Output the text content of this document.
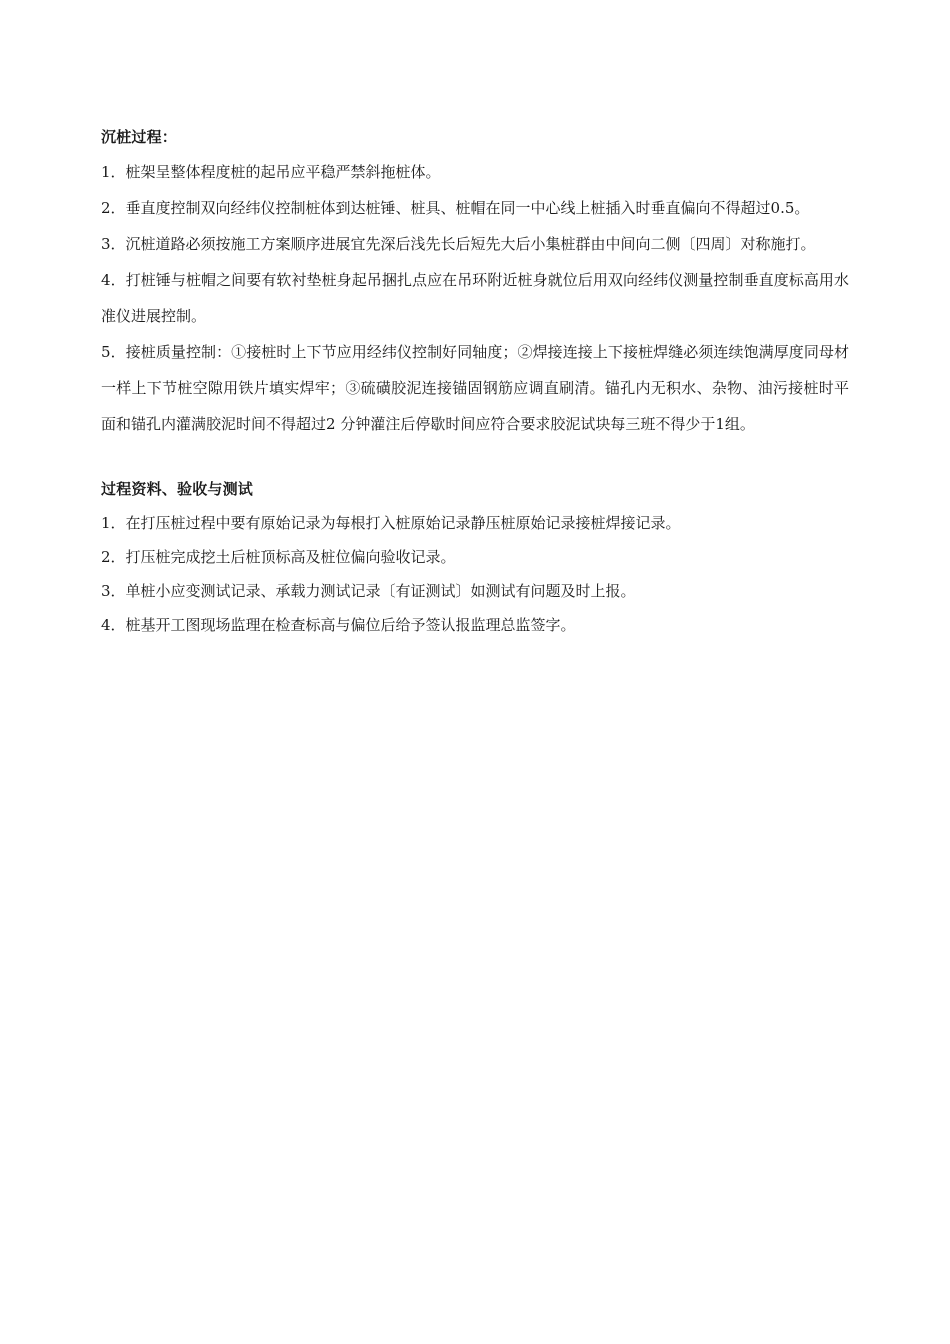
沉桩过程：

1．桩架呈整体程度桩的起吊应平稳严禁斜拖桩体。

2．垂直度控制双向经纬仪控制桩体到达桩锤、桩具、桩帽在同一中心线上桩插入时垂直偏向不得超过0.5。

3．沉桩道路必须按施工方案顺序进展宜先深后浅先长后短先大后小集桩群由中间向二侧〔四周〕对称施打。

4．打桩锤与桩帽之间要有软衬垫桩身起吊捆扎点应在吊环附近桩身就位后用双向经纬仪测量控制垂直度标高用水准仪进展控制。

5．接桩质量控制：①接桩时上下节应用经纬仪控制好同轴度；②焊接连接上下接桩焊缝必须连续饱满厚度同母材一样上下节桩空隙用铁片填实焊牢；③硫磺胶泥连接锚固钢筋应调直刷清。锚孔内无积水、杂物、油污接桩时平面和锚孔内灌满胶泥时间不得超过2 分钟灌注后停歇时间应符合要求胶泥试块每三班不得少于1组。

过程资料、验收与测试

1．在打压桩过程中要有原始记录为每根打入桩原始记录静压桩原始记录接桩焊接记录。

2．打压桩完成挖土后桩顶标高及桩位偏向验收记录。

3．单桩小应变测试记录、承载力测试记录〔有证测试〕如测试有问题及时上报。

4．桩基开工图现场监理在检查标高与偏位后给予签认报监理总监签字。
